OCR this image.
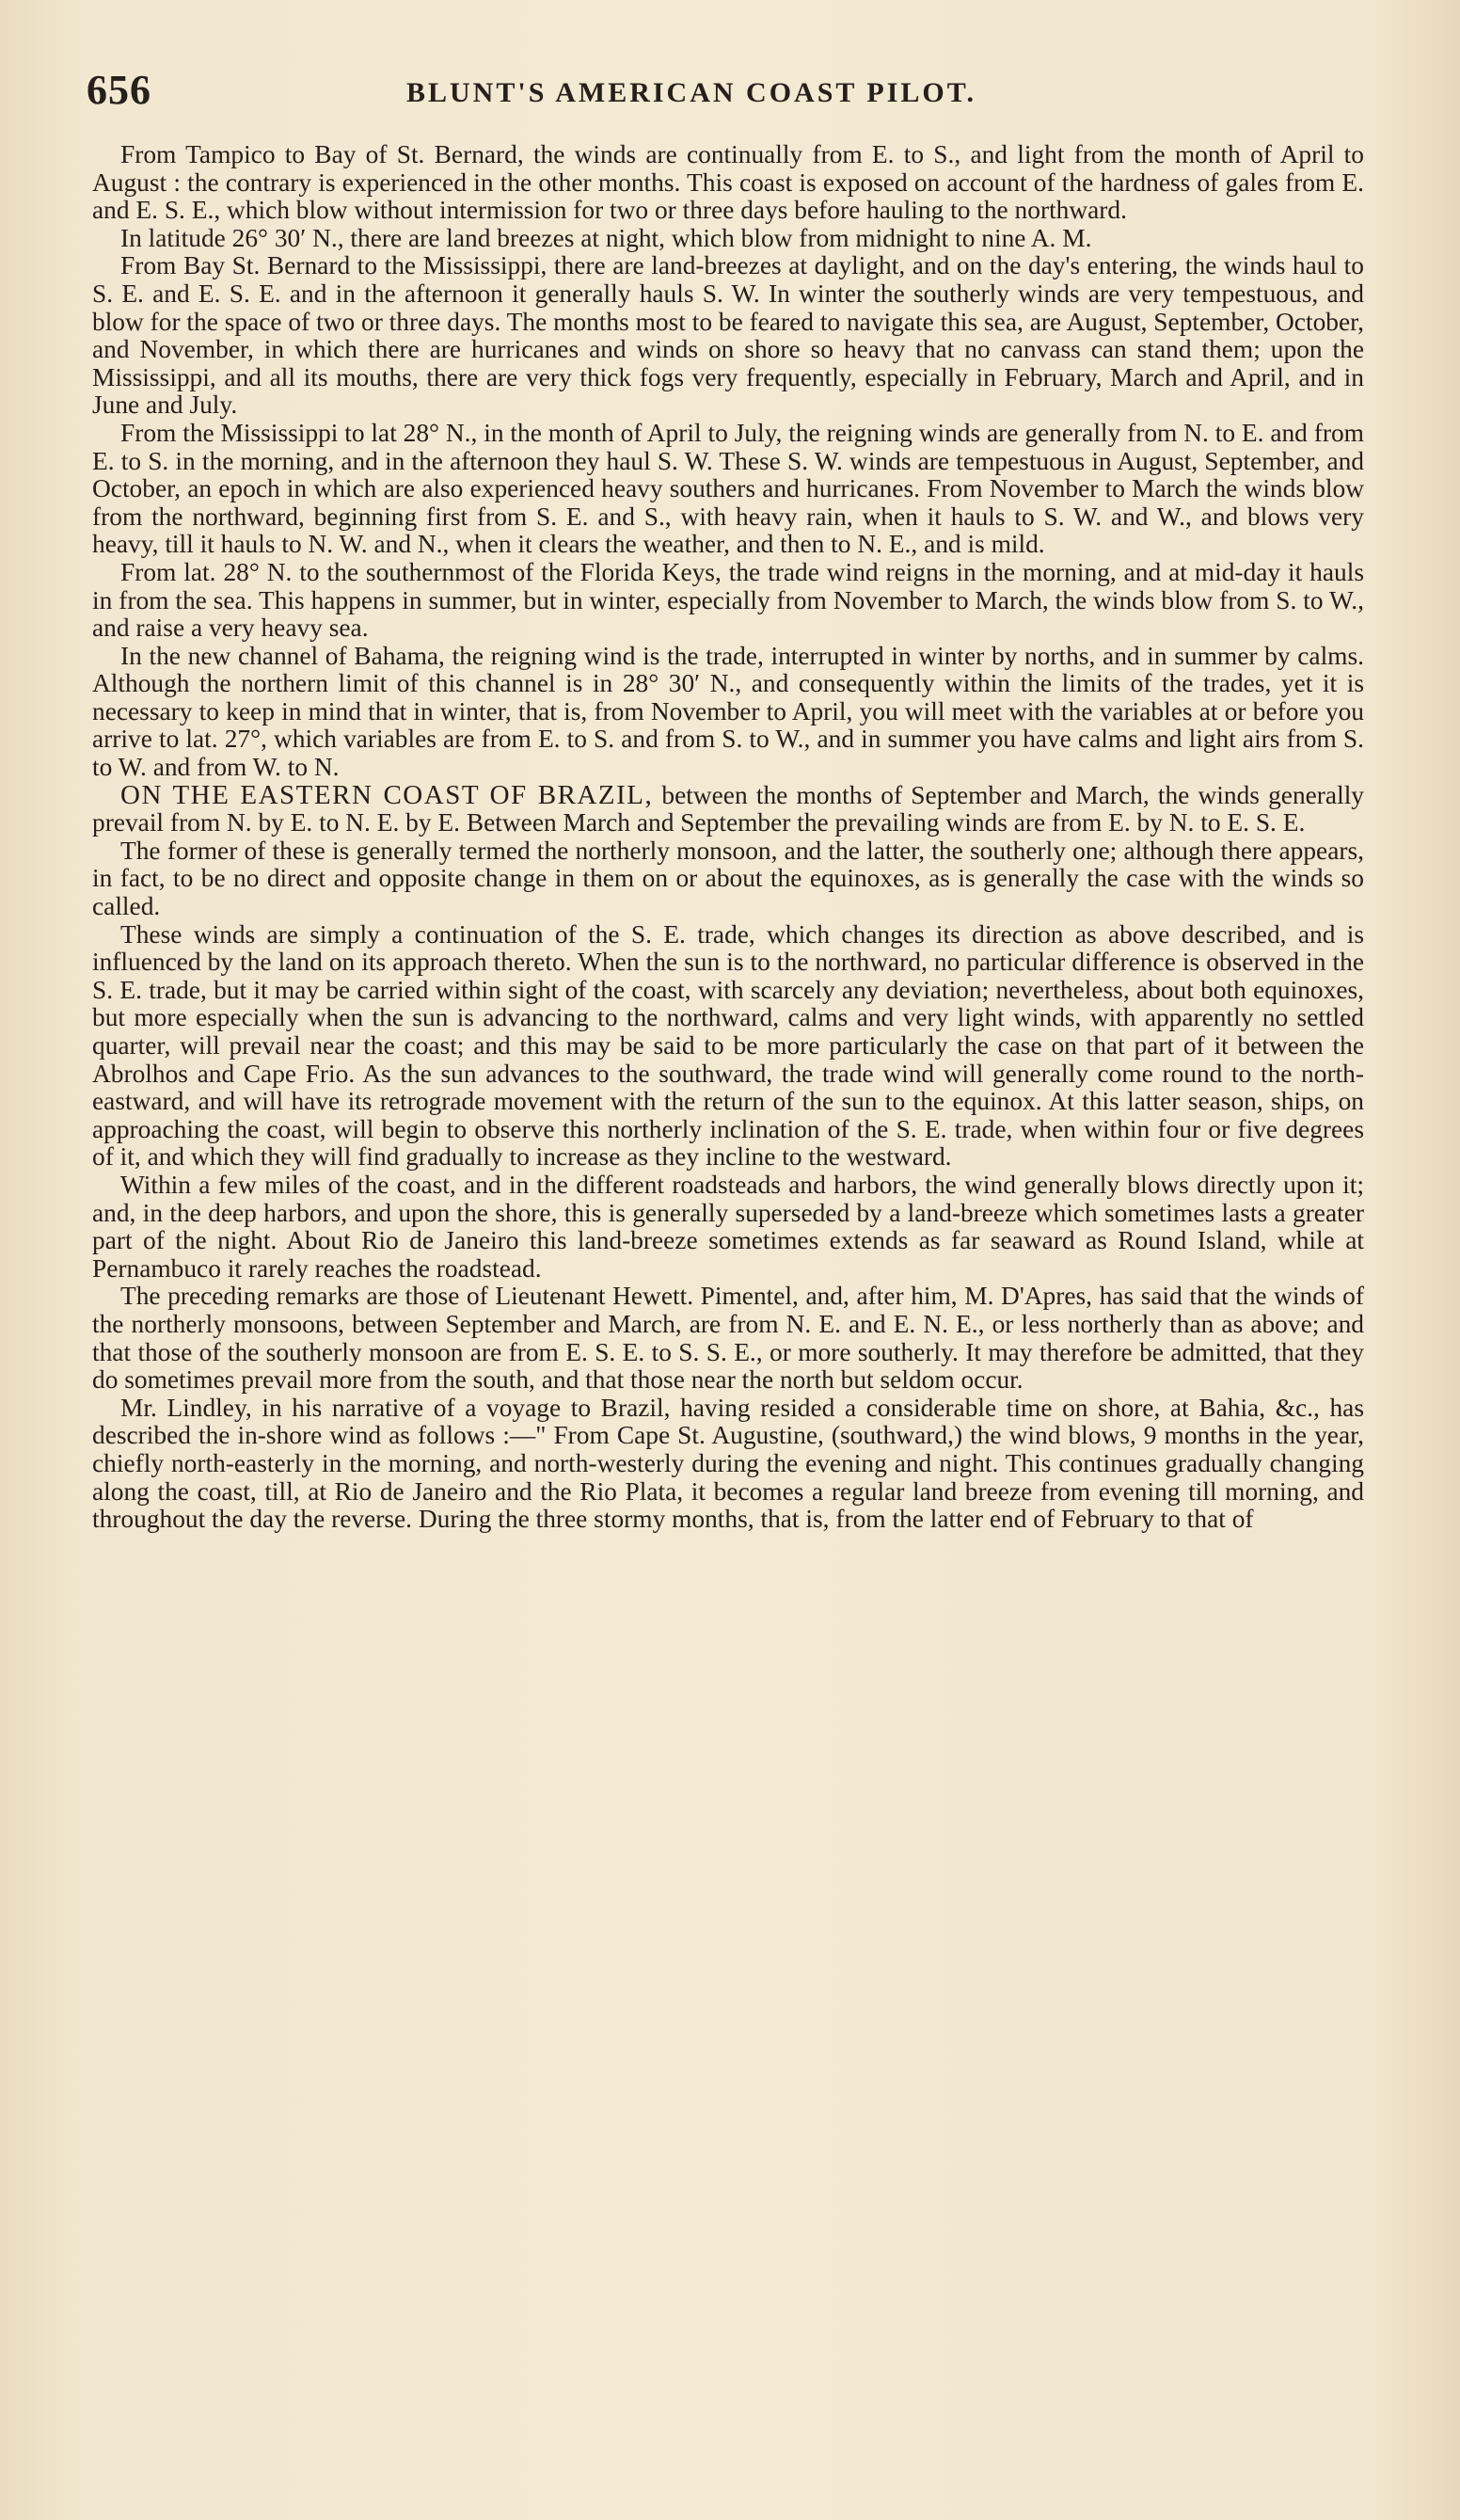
656	BLUNT'S AMERICAN COAST PILOT.

From Tampico to Bay of St. Bernard, the winds are continually from E. to S., and light from the month of April to August : the contrary is experienced in the other months. This coast is exposed on account of the hardness of gales from E. and E. S. E., which blow without intermission for two or three days before hauling to the northward.

In latitude 26° 30′ N., there are land breezes at night, which blow from midnight to nine A. M.

From Bay St. Bernard to the Mississippi, there are land-breezes at daylight, and on the day's entering, the winds haul to S. E. and E. S. E. and in the afternoon it generally hauls S. W. In winter the southerly winds are very tempestuous, and blow for the space of two or three days. The months most to be feared to navigate this sea, are August, September, October, and November, in which there are hurricanes and winds on shore so heavy that no canvass can stand them; upon the Mississippi, and all its mouths, there are very thick fogs very frequently, especially in February, March and April, and in June and July.

From the Mississippi to lat 28° N., in the month of April to July, the reigning winds are generally from N. to E. and from E. to S. in the morning, and in the afternoon they haul S. W. These S. W. winds are tempestuous in August, September, and October, an epoch in which are also experienced heavy southers and hurricanes. From November to March the winds blow from the northward, beginning first from S. E. and S., with heavy rain, when it hauls to S. W. and W., and blows very heavy, till it hauls to N. W. and N., when it clears the weather, and then to N. E., and is mild.

From lat. 28° N. to the southernmost of the Florida Keys, the trade wind reigns in the morning, and at mid-day it hauls in from the sea. This happens in summer, but in winter, especially from November to March, the winds blow from S. to W., and raise a very heavy sea.

In the new channel of Bahama, the reigning wind is the trade, interrupted in winter by norths, and in summer by calms. Although the northern limit of this channel is in 28° 30′ N., and consequently within the limits of the trades, yet it is necessary to keep in mind that in winter, that is, from November to April, you will meet with the variables at or before you arrive to lat. 27°, which variables are from E. to S. and from S. to W., and in summer you have calms and light airs from S. to W. and from W. to N.

ON THE EASTERN COAST OF BRAZIL, between the months of September and March, the winds generally prevail from N. by E. to N. E. by E. Between March and September the prevailing winds are from E. by N. to E. S. E.

The former of these is generally termed the northerly monsoon, and the latter, the southerly one; although there appears, in fact, to be no direct and opposite change in them on or about the equinoxes, as is generally the case with the winds so called.

These winds are simply a continuation of the S. E. trade, which changes its direction as above described, and is influenced by the land on its approach thereto. When the sun is to the northward, no particular difference is observed in the S. E. trade, but it may be carried within sight of the coast, with scarcely any deviation; nevertheless, about both equinoxes, but more especially when the sun is advancing to the northward, calms and very light winds, with apparently no settled quarter, will prevail near the coast; and this may be said to be more particularly the case on that part of it between the Abrolhos and Cape Frio. As the sun advances to the southward, the trade wind will generally come round to the north-eastward, and will have its retrograde movement with the return of the sun to the equinox. At this latter season, ships, on approaching the coast, will begin to observe this northerly inclination of the S. E. trade, when within four or five degrees of it, and which they will find gradually to increase as they incline to the westward.

Within a few miles of the coast, and in the different roadsteads and harbors, the wind generally blows directly upon it; and, in the deep harbors, and upon the shore, this is generally superseded by a land-breeze which sometimes lasts a greater part of the night. About Rio de Janeiro this land-breeze sometimes extends as far seaward as Round Island, while at Pernambuco it rarely reaches the roadstead.

The preceding remarks are those of Lieutenant Hewett. Pimentel, and, after him, M. D'Apres, has said that the winds of the northerly monsoons, between September and March, are from N. E. and E. N. E., or less northerly than as above; and that those of the southerly monsoon are from E. S. E. to S. S. E., or more southerly. It may therefore be admitted, that they do sometimes prevail more from the south, and that those near the north but seldom occur.

Mr. Lindley, in his narrative of a voyage to Brazil, having resided a considerable time on shore, at Bahia, &c., has described the in-shore wind as follows :—" From Cape St. Augustine, (southward,) the wind blows, 9 months in the year, chiefly north-easterly in the morning, and north-westerly during the evening and night. This continues gradually changing along the coast, till, at Rio de Janeiro and the Rio Plata, it becomes a regular land breeze from evening till morning, and throughout the day the reverse. During the three stormy months, that is, from the latter end of February to that of
